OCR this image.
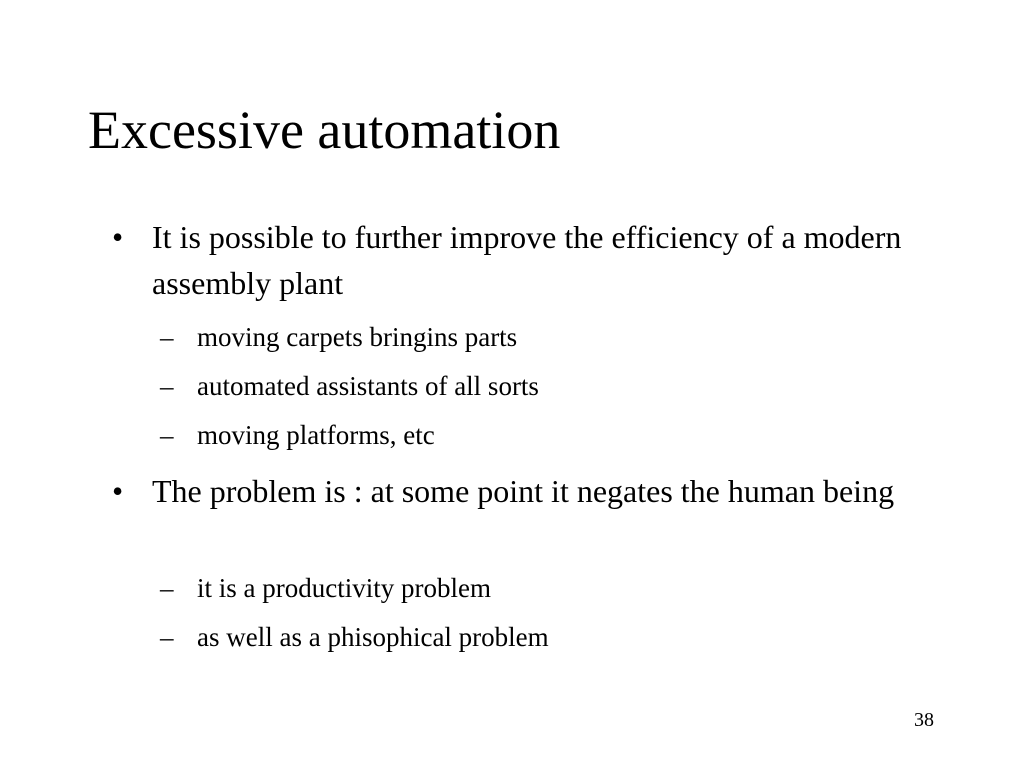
Excessive automation
• It is possible to further improve the efficiency of a modern assembly plant
– moving carpets bringins parts
– automated assistants of all sorts
– moving platforms, etc
• The problem is : at some point it negates the human being
– it is a productivity problem
– as well as a phisophical problem
38
